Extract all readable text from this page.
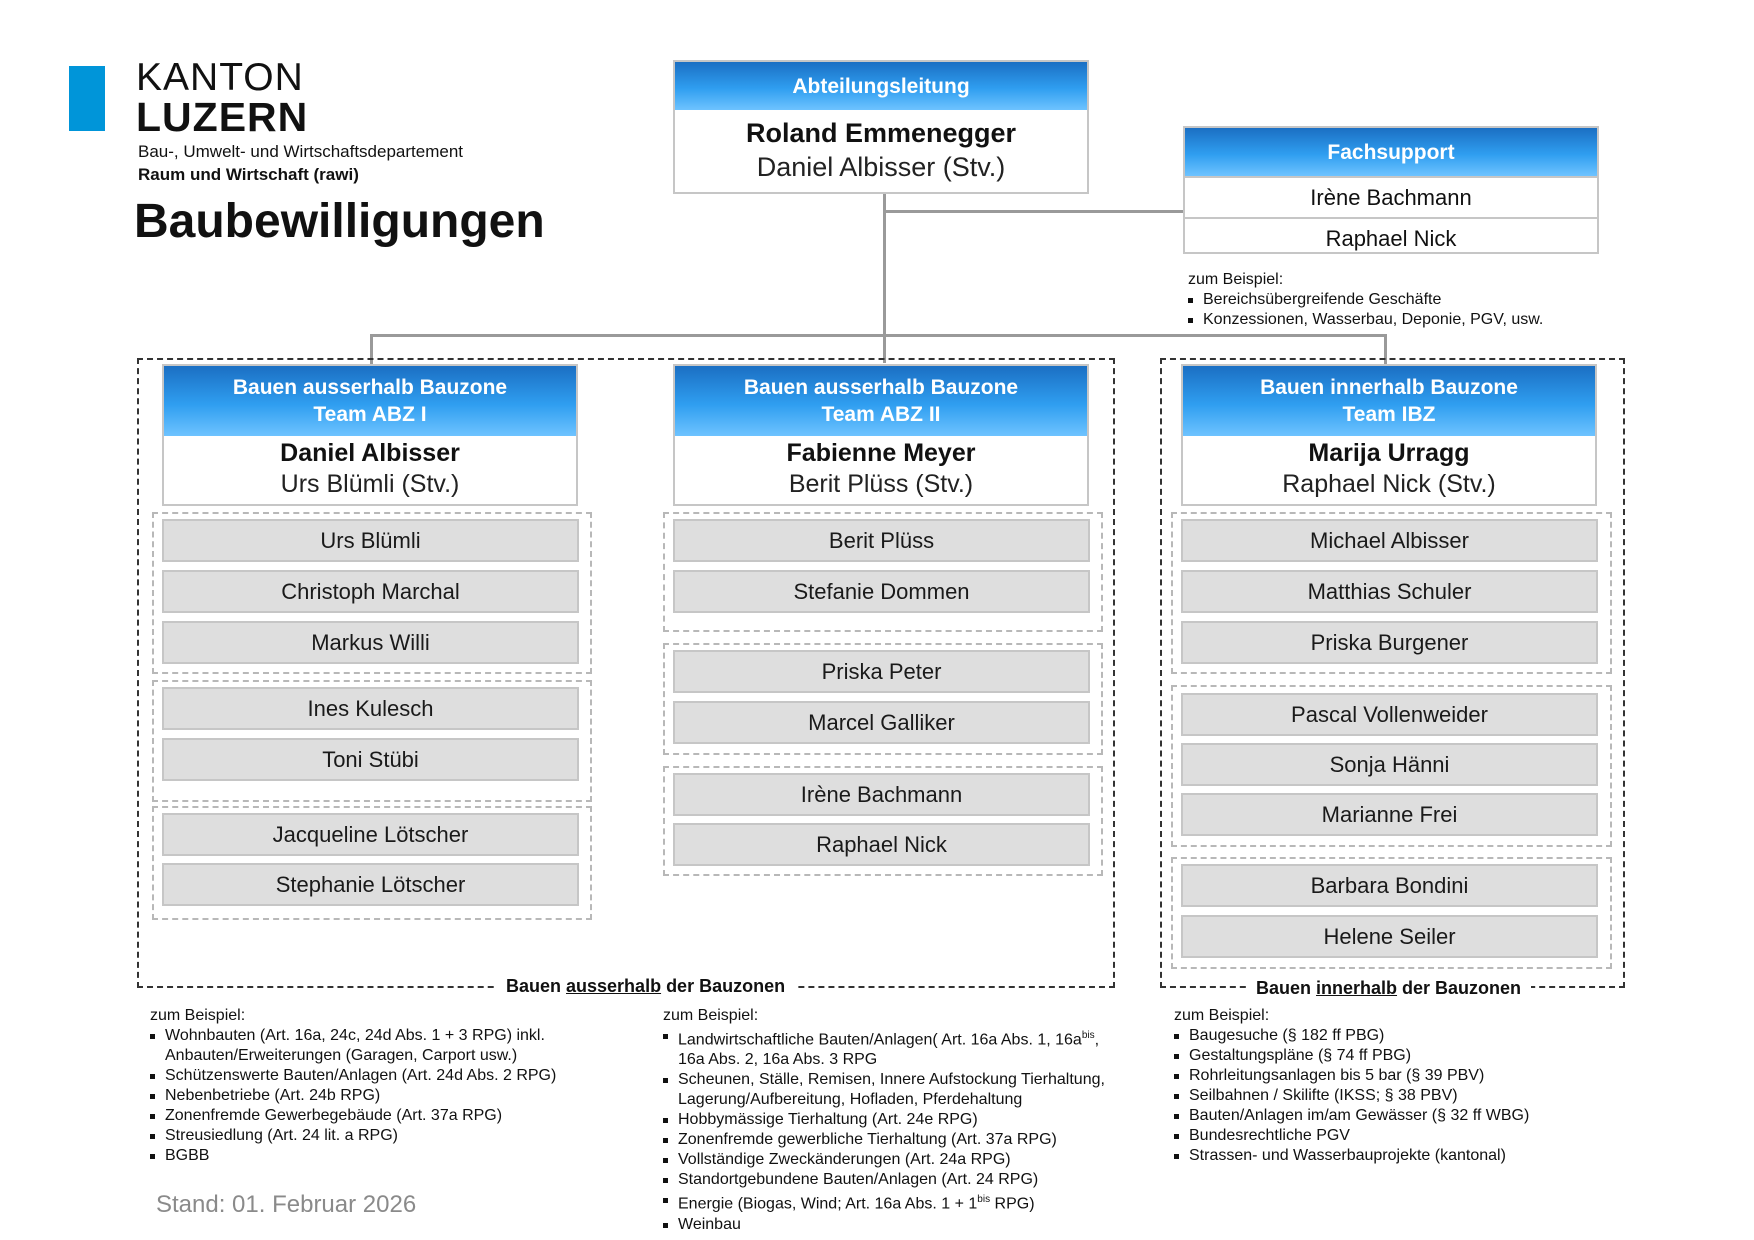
KANTON
LUZERN
Bau-, Umwelt- und Wirtschaftsdepartement
Raum und Wirtschaft (rawi)
Baubewilligungen
Bauen ausserhalb der Bauzonen	Bauen innerhalb der Bauzonen
Abteilungsleitung
Roland Emmenegger
Daniel Albisser (Stv.)	Fachsupport
Irène Bachmann
Raphael Nick
zum Beispiel:
Bereichsübergreifende Geschäfte
Konzessionen, Wasserbau, Deponie, PGV, usw.
Bauen ausserhalb Bauzone
Team ABZ I
Daniel Albisser
Urs Blümli (Stv.)
Urs Blümli
Christoph Marchal
Markus Willi
Ines Kulesch
Toni Stübi
Jacqueline Lötscher
Stephanie Lötscher
Bauen ausserhalb Bauzone
Team ABZ II
Fabienne Meyer
Berit Plüss (Stv.)
Berit Plüss
Stefanie Dommen
Priska Peter
Marcel Galliker
Irène Bachmann
Raphael Nick
Bauen innerhalb Bauzone
Team IBZ
Marija Urragg
Raphael Nick (Stv.)
Michael Albisser
Matthias Schuler
Priska Burgener
Pascal Vollenweider
Sonja Hänni
Marianne Frei
Barbara Bondini
Helene Seiler
zum Beispiel:
Wohnbauten (Art. 16a, 24c, 24d Abs. 1 + 3 RPG) inkl. Anbauten/Erweiterungen (Garagen, Carport usw.)
Schützenswerte Bauten/Anlagen (Art. 24d Abs. 2 RPG)
Nebenbetriebe (Art. 24b RPG)
Zonenfremde Gewerbegebäude (Art. 37a RPG)
Streusiedlung (Art. 24 lit. a RPG)
BGBB
zum Beispiel:
Landwirtschaftliche Bauten/Anlagen( Art. 16a Abs. 1, $16a^{bis}$, 16a Abs. 2, 16a Abs. 3 RPG
Scheunen, Ställe, Remisen, Innere Aufstockung Tierhaltung, Lagerung/Aufbereitung, Hofladen, Pferdehaltung
Hobbymässige Tierhaltung (Art. 24e RPG)
Zonenfremde gewerbliche Tierhaltung (Art. 37a RPG)
Vollständige Zweckänderungen (Art. 24a RPG)
Standortgebundene Bauten/Anlagen (Art. 24 RPG)
Energie (Biogas, Wind; Art. 16a Abs. $1 + 1^{bis}$ RPG)
Weinbau
zum Beispiel:
Baugesuche (§ 182 ff PBG)
Gestaltungspläne (§ 74 ff PBG)
Rohrleitungsanlagen bis 5 bar (§ 39 PBV)
Seilbahnen / Skilifte (IKSS; § 38 PBV)
Bauten/Anlagen im/am Gewässer (§ 32 ff WBG)
Bundesrechtliche PGV
Strassen- und Wasserbauprojekte (kantonal)
Stand: 01. Februar 2026
